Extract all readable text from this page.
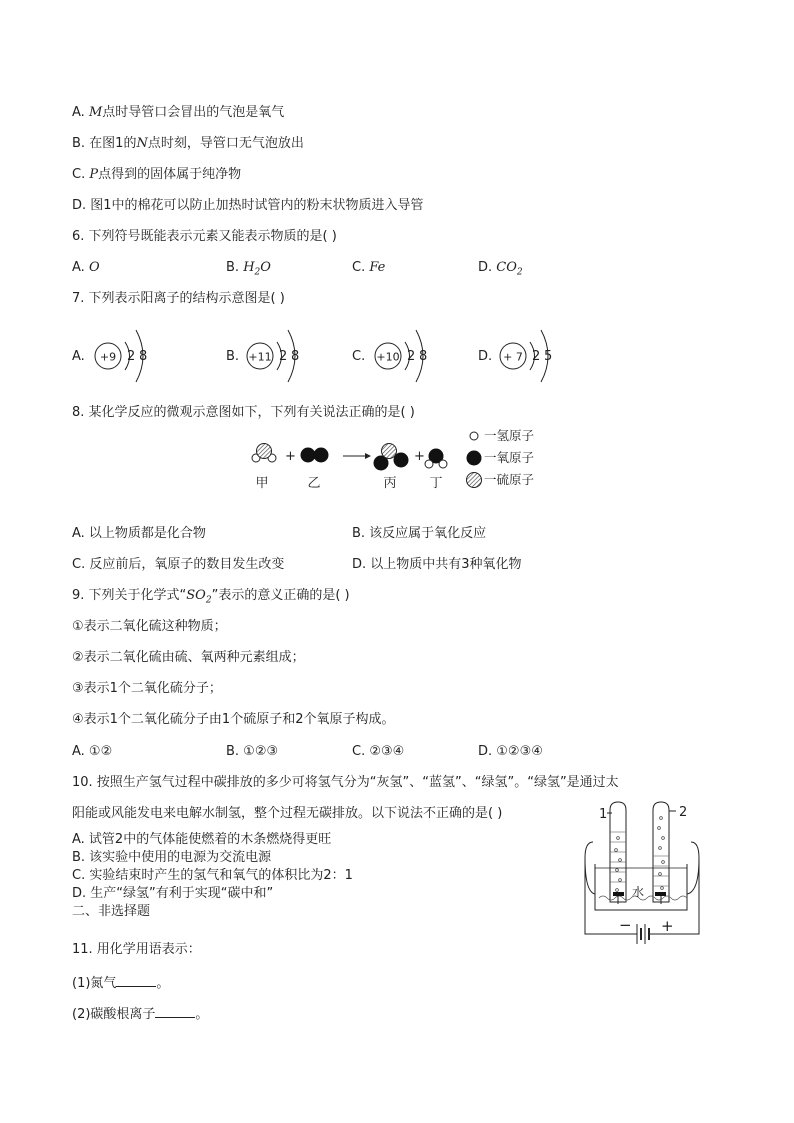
A. M点时导管口会冒出的气泡是氧气
B. 在图1的N点时刻，导管口无气泡放出
C. P点得到的固体属于纯净物
D. 图1中的棉花可以防止加热时试管内的粉末状物质进入导管
6. 下列符号既能表示元素又能表示物质的是( )
A. O	B. $H_2O$	C. Fe	D. $CO_2$
7. 下列表示阳离子的结构示意图是( )
A. +9 2 8	B. +11 2 8	C. +10 2 8	D. + 7 2 5
8. 某化学反应的微观示意图如下，下列有关说法正确的是( )
+	+
甲	乙	丙	丁
一氢原子
一氧原子
一硫原子
A. 以上物质都是化合物	B. 该反应属于氧化反应
C. 反应前后，氧原子的数目发生改变	D. 以上物质中共有3种氧化物
9. 下列关于化学式“$SO_2$”表示的意义正确的是( )
①表示二氧化硫这种物质；
②表示二氧化硫由硫、氧两种元素组成；
③表示1个二氧化硫分子；
④表示1个二氧化硫分子由1个硫原子和2个氧原子构成。
A. ①②	B. ①②③	C. ②③④	D. ①②③④
10. 按照生产氢气过程中碳排放的多少可将氢气分为“灰氢”、“蓝氢”、“绿氢”。“绿氢”是通过太
阳能或风能发电来电解水制氢，整个过程无碳排放。以下说法不正确的是( )
A. 试管2中的气体能使燃着的木条燃烧得更旺
B. 该实验中使用的电源为交流电源
C. 实验结束时产生的氢气和氧气的体积比为2：1
D. 生产“绿氢”有利于实现“碳中和”
1	2
水
− +
二、非选择题
11. 用化学用语表示：
(1)氮气	。
(2)碳酸根离子	。
